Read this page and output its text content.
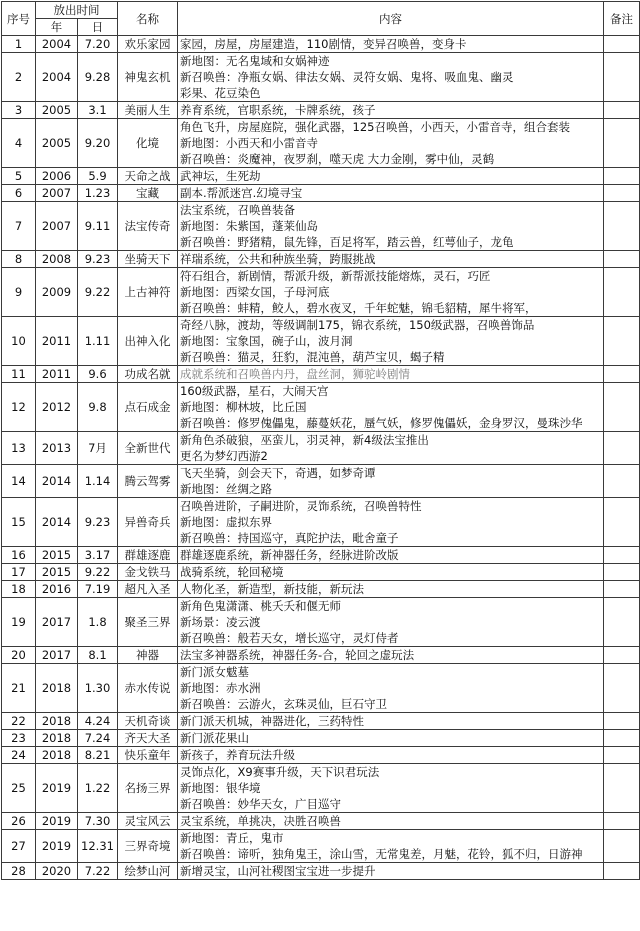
序号	放出时间		名称	内容	备注
	年	日			
1	2004	7.20	欢乐家园	家园，房屋，房屋建造，110剧情，变异召唤兽，变身卡	

2	2004	9.28	神鬼玄机	新地图：无名鬼域和女娲神迹
新召唤兽：净瓶女娲、律法女娲、灵符女娲、鬼将、吸血鬼、幽灵
彩果、花豆染色	

3	2005	3.1	美丽人生	养育系统，官职系统，卡牌系统，孩子	

4	2005	9.20	化境	角色飞升，房屋庭院，强化武器，125召唤兽，小西天，小雷音寺，组合套装
新地图：小西天和小雷音寺
新召唤兽：炎魔神，夜罗刹，噬天虎 大力金刚，雾中仙，灵鹤	

5	2006	5.9	天命之战	武神坛，生死劫	

6	2007	1.23	宝藏	副本.帮派迷宫.幻境寻宝	

7	2007	9.11	法宝传奇	法宝系统，召唤兽装备
新地图：朱紫国，蓬莱仙岛
新召唤兽：野猪精，鼠先锋，百足将军，踏云兽，红萼仙子，龙龟	

8	2008	9.23	坐骑天下	祥瑞系统，公共和种族坐骑，跨服挑战	

9	2009	9.22	上古神符	符石组合，新剧情，帮派升级，新帮派技能熔炼，灵石，巧匠
新地图：西梁女国，子母河底
新召唤兽：蚌精，鲛人，碧水夜叉，千年蛇魅，锦毛貂精，犀牛将军，	

10	2011	1.11	出神入化	奇经八脉，渡劫，等级调制175，锦衣系统，150级武器，召唤兽饰品
新地图：宝象国，碗子山，波月洞
新召唤兽：猫灵，狂豹，混沌兽，葫芦宝贝，蝎子精	

11	2011	9.6	功成名就	成就系统和召唤兽内丹，盘丝洞，狮驼岭剧情	

12	2012	9.8	点石成金	160级武器，星石，大闹天宫
新地图：柳林坡，比丘国
新召唤兽：修罗傀儡鬼，藤蔓妖花，蜃气妖，修罗傀儡妖，金身罗汉，曼珠沙华	

13	2013	7月	全新世代	新角色杀破狼，巫蛮儿，羽灵神，新4级法宝推出
更名为梦幻西游2	

14	2014	1.14	腾云驾雾	飞天坐骑，剑会天下，奇遇，如梦奇谭
新地图：丝绸之路	

15	2014	9.23	异兽奇兵	召唤兽进阶，子嗣进阶，灵饰系统，召唤兽特性
新地图：虚拟东界
新召唤兽：持国巡守，真陀护法，毗舍童子	

16	2015	3.17	群雄逐鹿	群雄逐鹿系统，新神器任务，经脉进阶改版	

17	2015	9.22	金戈铁马	战骑系统，轮回秘境	

18	2016	7.19	超凡入圣	人物化圣，新造型，新技能，新玩法	

19	2017	1.8	聚圣三界	新角色鬼潇潇、桃夭夭和偃无师
新场景：凌云渡
新召唤兽：般若天女，增长巡守，灵灯侍者	

20	2017	8.1	神器	法宝多神器系统，神器任务-合，轮回之虚玩法	

21	2018	1.30	赤水传说	新门派女魃墓
新地图：赤水洲
新召唤兽：云游火，玄珠灵仙，巨石守卫	

22	2018	4.24	天机奇谈	新门派天机城，神器进化，三药特性	

23	2018	7.24	齐天大圣	新门派花果山	

24	2018	8.21	快乐童年	新孩子，养育玩法升级	

25	2019	1.22	名扬三界	灵饰点化，X9赛事升级，天下识君玩法
新地图：银华境
新召唤兽：妙华天女，广目巡守	

26	2019	7.30	灵宝风云	灵宝系统，单挑决，决胜召唤兽	

27	2019	12.31	三界奇境	新地图：青丘，鬼市
新召唤兽：谛听，独角鬼王，涂山雪，无常鬼差，月魅，花铃，狐不归，日游神	

28	2020	7.22	绘梦山河	新增灵宝，山河社稷图宝宝进一步提升	
